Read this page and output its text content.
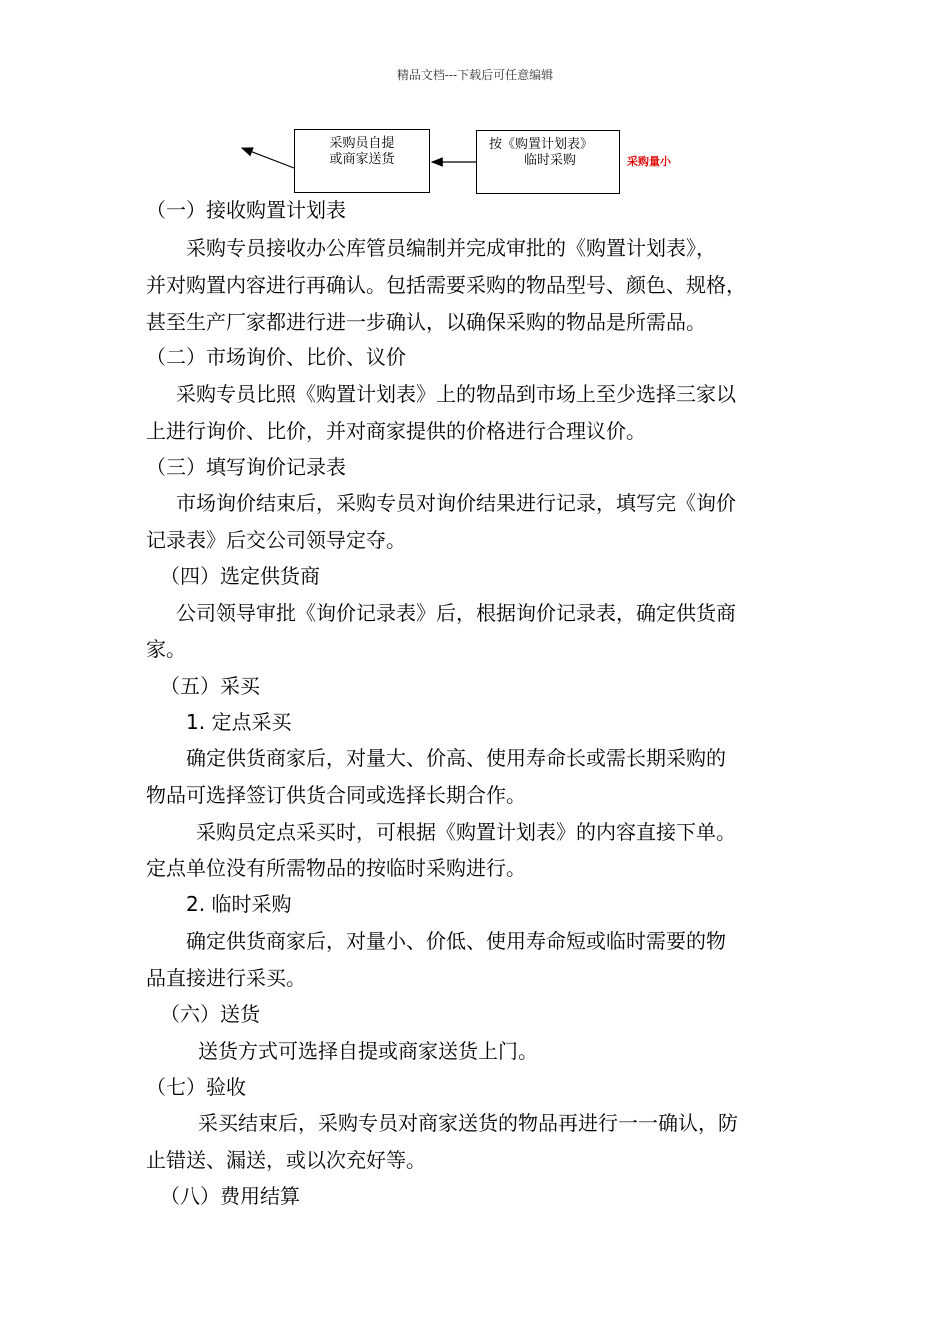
精品文档---下载后可任意编辑
采购员自提
或商家送货
按《购置计划表》
临时采购	采购量小
（一）接收购置计划表
采购专员接收办公库管员编制并完成审批的《购置计划表》，
并对购置内容进行再确认。包括需要采购的物品型号、颜色、规格，
甚至生产厂家都进行进一步确认，以确保采购的物品是所需品。
（二）市场询价、比价、议价
采购专员比照《购置计划表》上的物品到市场上至少选择三家以
上进行询价、比价，并对商家提供的价格进行合理议价。
（三）填写询价记录表
市场询价结束后，采购专员对询价结果进行记录，填写完《询价
记录表》后交公司领导定夺。
（四）选定供货商
公司领导审批《询价记录表》后，根据询价记录表，确定供货商
家。
（五）采买
1. 定点采买
确定供货商家后，对量大、价高、使用寿命长或需长期采购的
物品可选择签订供货合同或选择长期合作。
采购员定点采买时，可根据《购置计划表》的内容直接下单。
定点单位没有所需物品的按临时采购进行。
2. 临时采购
确定供货商家后，对量小、价低、使用寿命短或临时需要的物
品直接进行采买。
（六）送货
送货方式可选择自提或商家送货上门。
（七）验收
采买结束后，采购专员对商家送货的物品再进行一一确认，防
止错送、漏送，或以次充好等。
（八）费用结算
